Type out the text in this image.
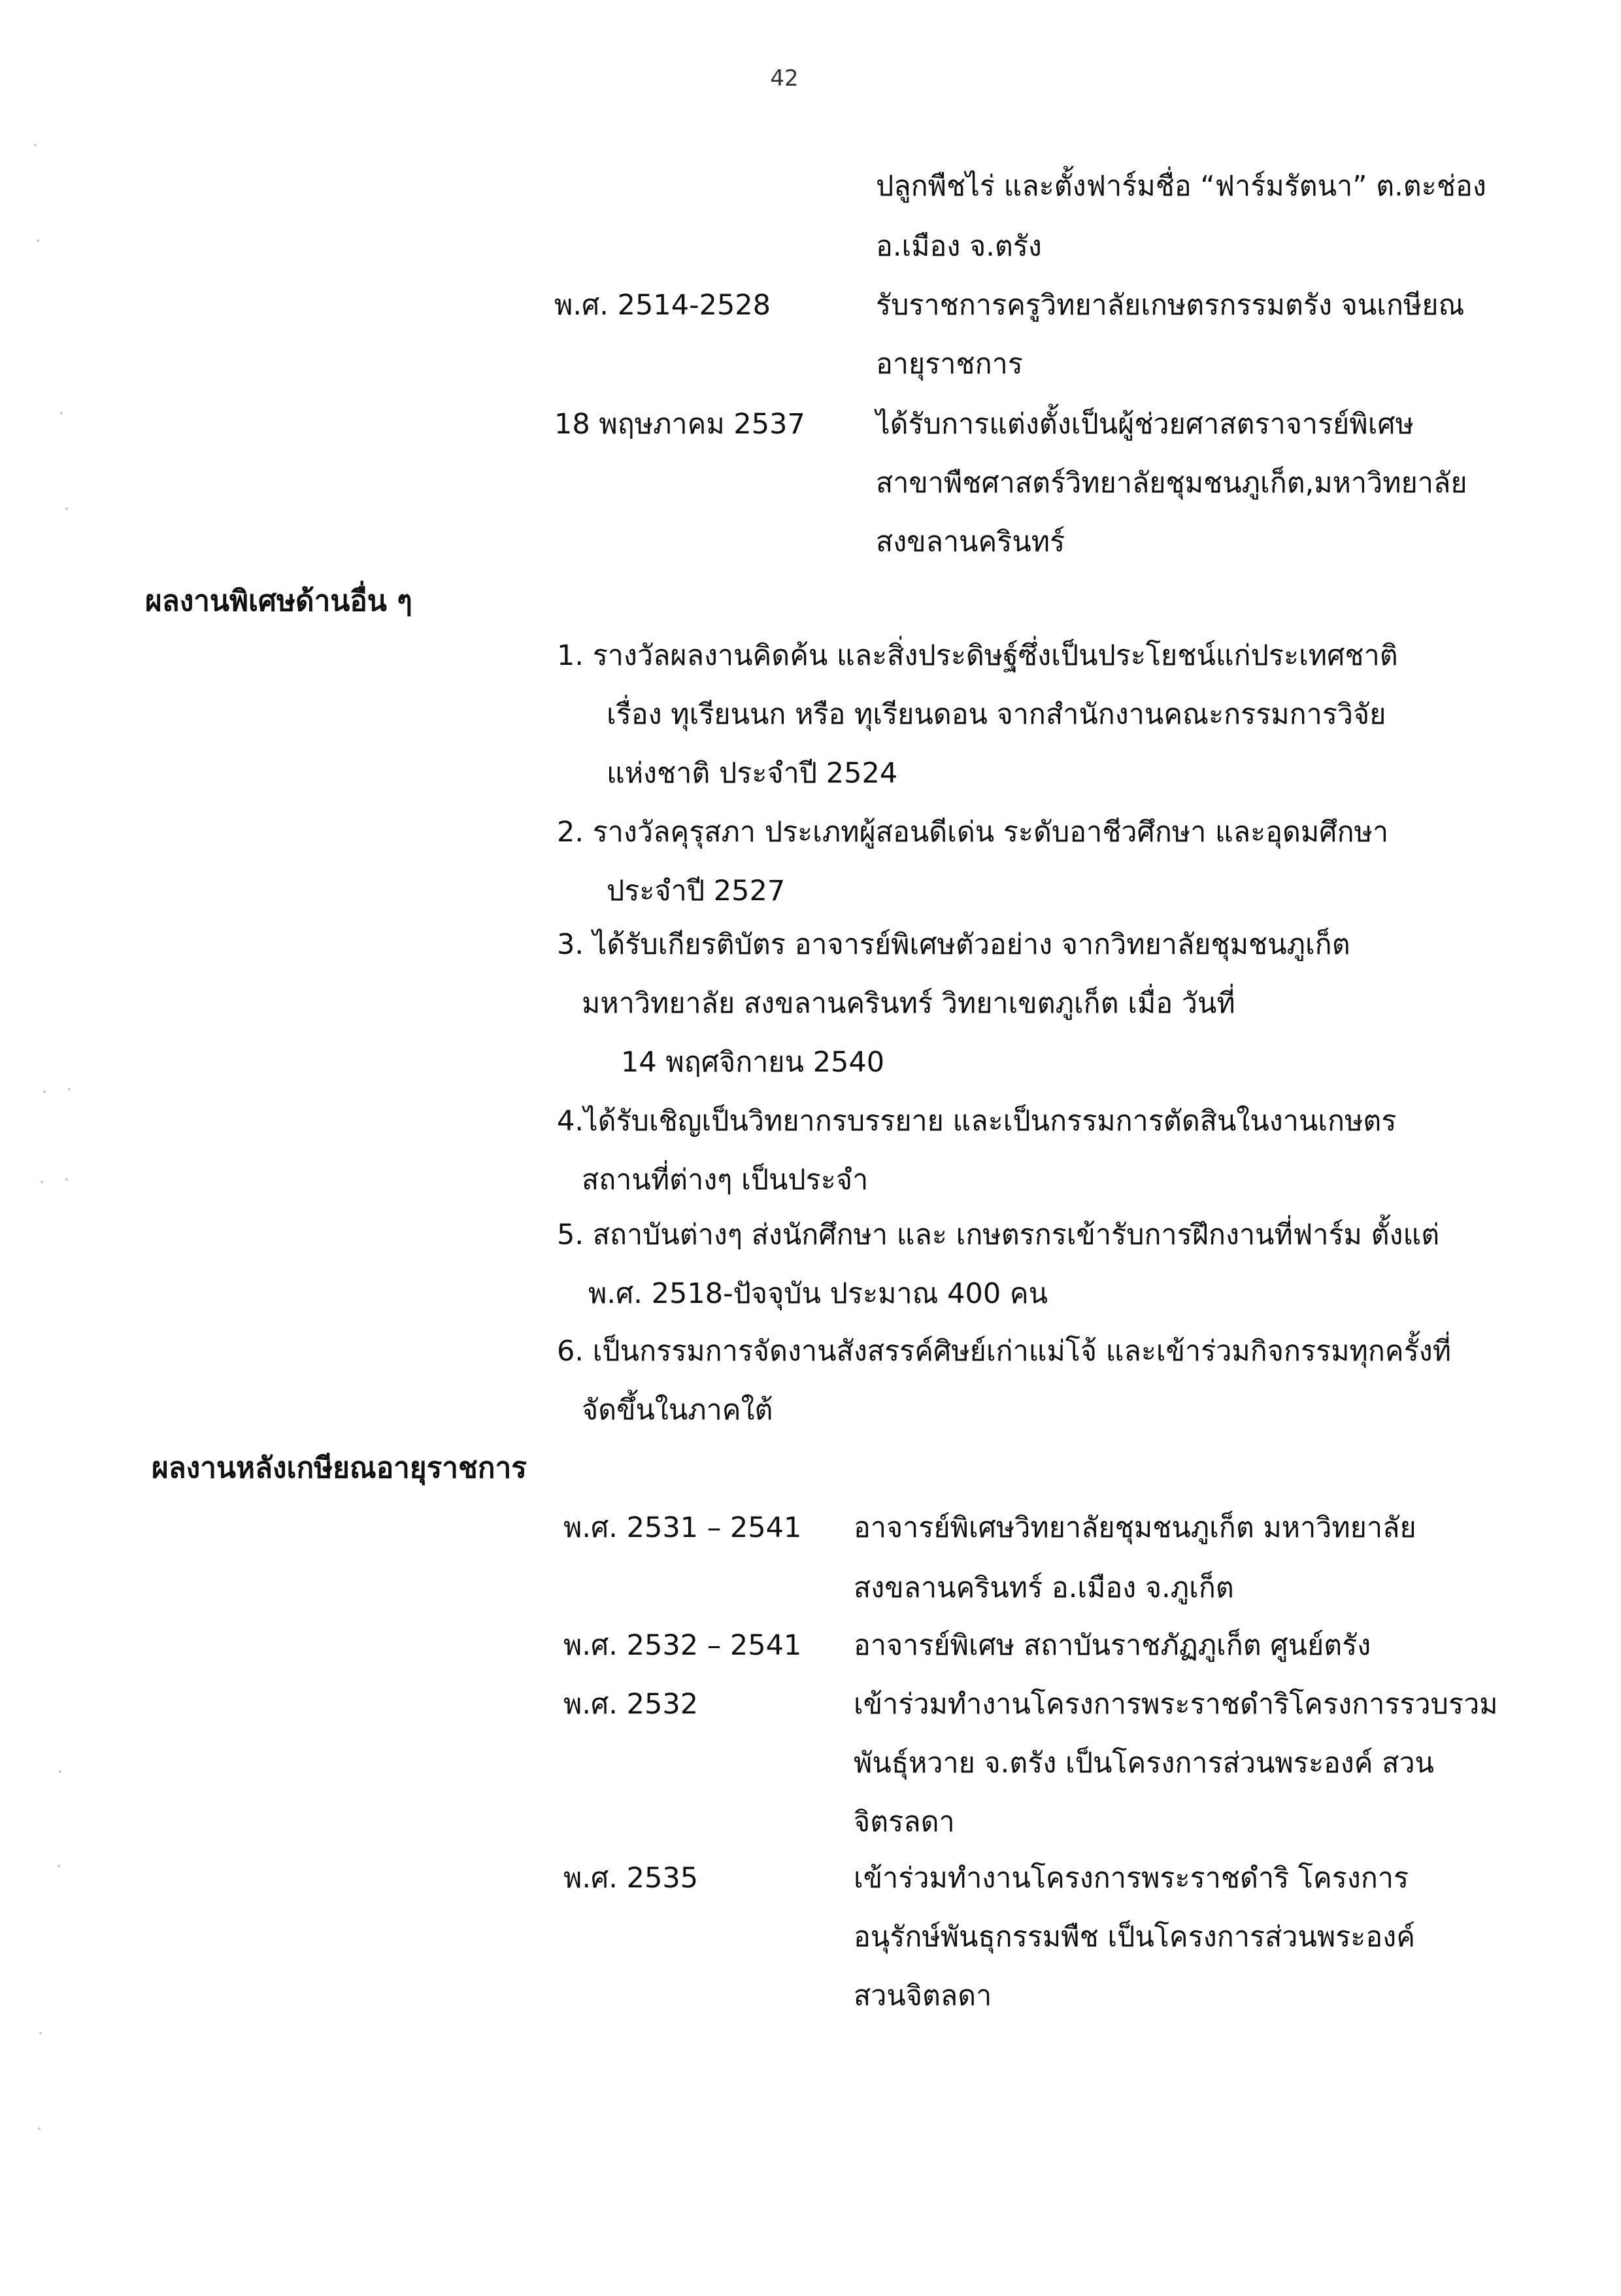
42
ปลูกพืชไร่ และตั้งฟาร์มชื่อ “ฟาร์มรัตนา” ต.ตะช่อง
อ.เมือง จ.ตรัง
พ.ศ. 2514-2528	รับราชการครูวิทยาลัยเกษตรกรรมตรัง จนเกษียณ
อายุราชการ
18 พฤษภาคม 2537	ได้รับการแต่งตั้งเป็นผู้ช่วยศาสตราจารย์พิเศษ
สาขาพืชศาสตร์วิทยาลัยชุมชนภูเก็ต,มหาวิทยาลัย
สงขลานครินทร์
ผลงานพิเศษด้านอื่น ๆ
1. รางวัลผลงานคิดค้น และสิ่งประดิษฐ์ซึ่งเป็นประโยชน์แก่ประเทศชาติ
เรื่อง ทุเรียนนก หรือ ทุเรียนดอน จากสำนักงานคณะกรรมการวิจัย
แห่งชาติ ประจำปี 2524
2. รางวัลคุรุสภา ประเภทผู้สอนดีเด่น ระดับอาชีวศึกษา และอุดมศึกษา
ประจำปี 2527
3. ได้รับเกียรติบัตร อาจารย์พิเศษตัวอย่าง จากวิทยาลัยชุมชนภูเก็ต
มหาวิทยาลัย สงขลานครินทร์ วิทยาเขตภูเก็ต เมื่อ วันที่
14 พฤศจิกายน 2540
4.ได้รับเชิญเป็นวิทยากรบรรยาย และเป็นกรรมการตัดสินในงานเกษตร
สถานที่ต่างๆ เป็นประจำ
5. สถาบันต่างๆ ส่งนักศึกษา และ เกษตรกรเข้ารับการฝึกงานที่ฟาร์ม ตั้งแต่
พ.ศ. 2518-ปัจจุบัน ประมาณ 400 คน
6. เป็นกรรมการจัดงานสังสรรค์ศิษย์เก่าแม่โจ้ และเข้าร่วมกิจกรรมทุกครั้งที่
จัดขึ้นในภาคใต้
ผลงานหลังเกษียณอายุราชการ
พ.ศ. 2531 – 2541 อาจารย์พิเศษวิทยาลัยชุมชนภูเก็ต มหาวิทยาลัย
สงขลานครินทร์ อ.เมือง จ.ภูเก็ต
พ.ศ. 2532 – 2541 อาจารย์พิเศษ สถาบันราชภัฏภูเก็ต ศูนย์ตรัง
พ.ศ. 2532	เข้าร่วมทำงานโครงการพระราชดำริโครงการรวบรวม
พันธุ์หวาย จ.ตรัง เป็นโครงการส่วนพระองค์ สวน
จิตรลดา
พ.ศ. 2535	เข้าร่วมทำงานโครงการพระราชดำริ โครงการ
อนุรักษ์พันธุกรรมพืช เป็นโครงการส่วนพระองค์
สวนจิตลดา
